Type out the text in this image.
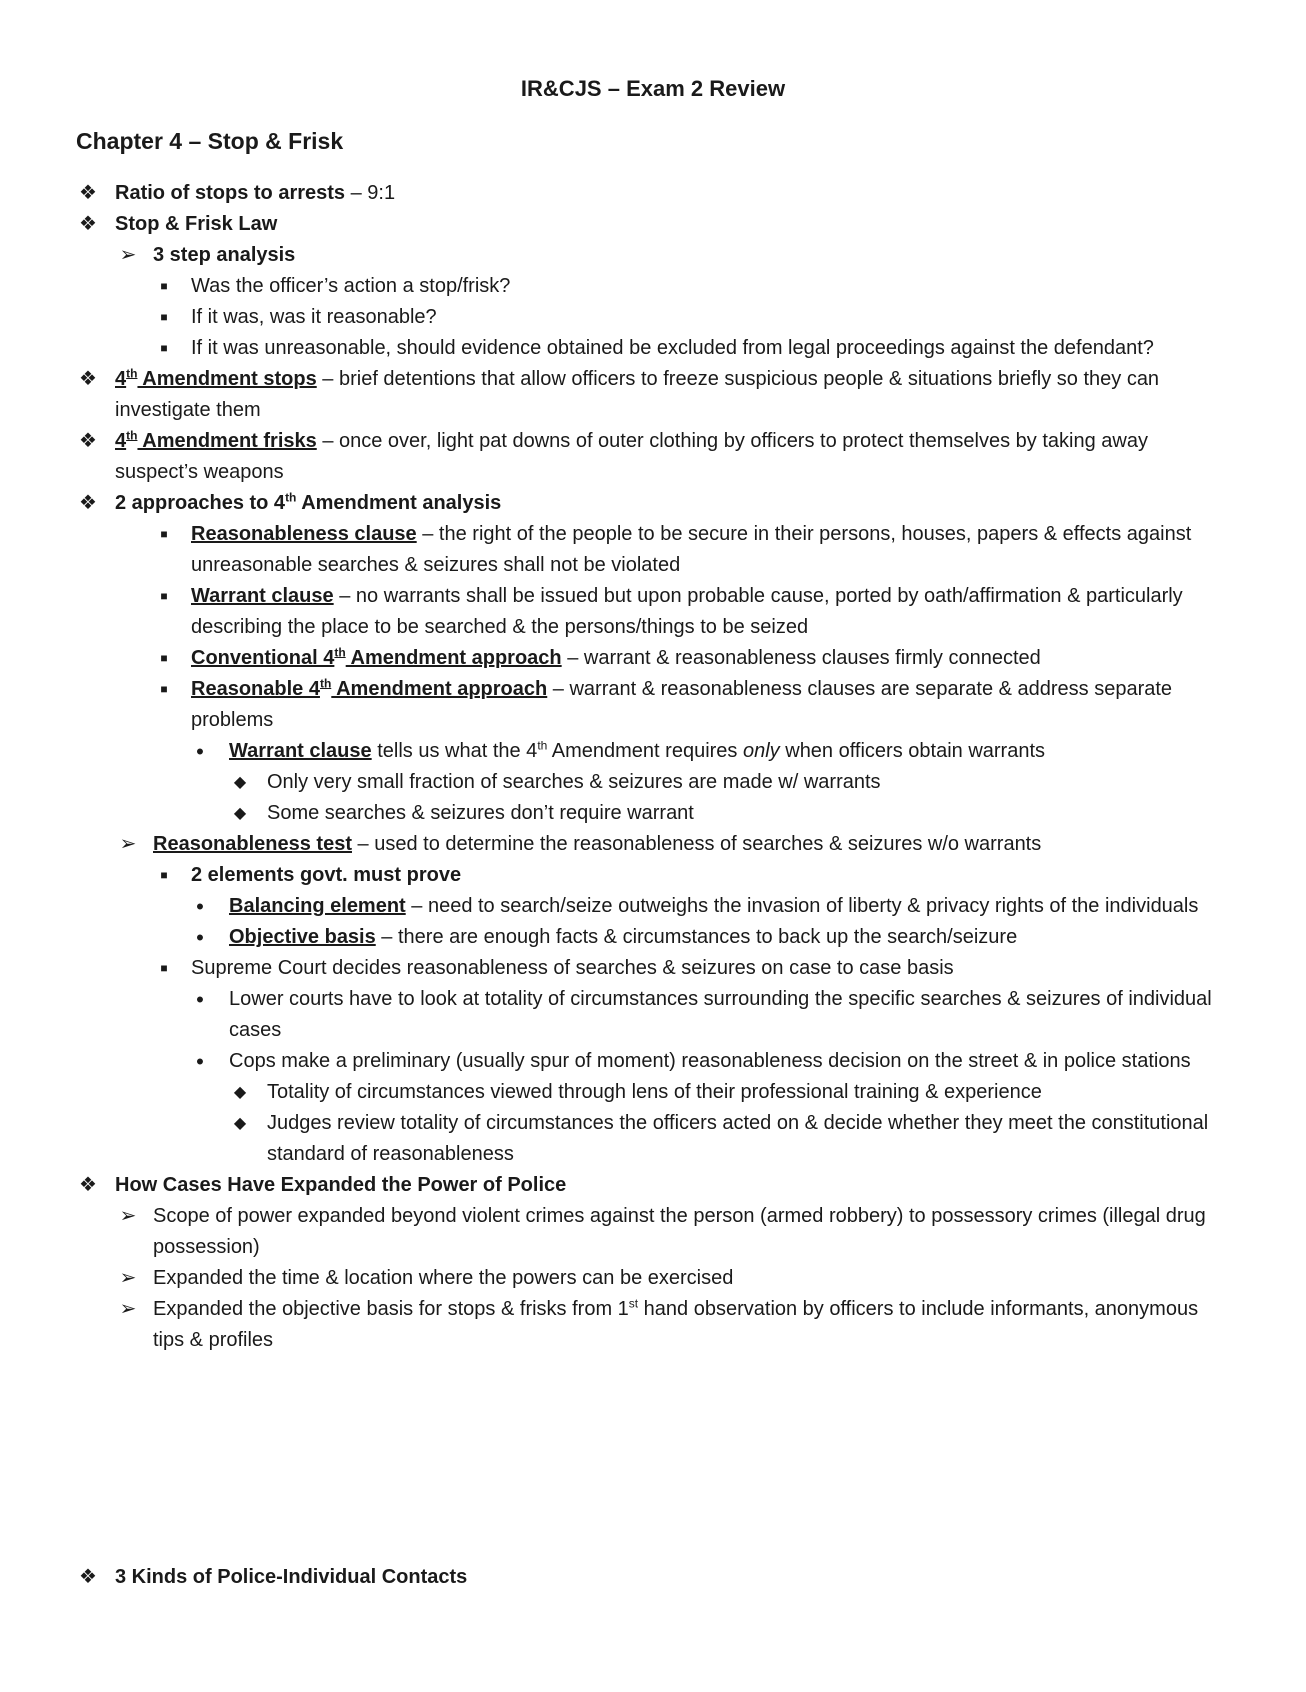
IR&CJS – Exam 2 Review
Chapter 4 – Stop & Frisk

❖ Ratio of stops to arrests – 9:1

❖ Stop & Frisk Law

➢ 3 step analysis

■	Was the officer’s action a stop/frisk?

■	If it was, was it reasonable?

■	If it was unreasonable, should evidence obtained be excluded from legal proceedings against the defendant?

❖ 4th Amendment stops – brief detentions that allow officers to freeze suspicious people & situations briefly so they can investigate them

❖ 4th Amendment frisks – once over, light pat downs of outer clothing by officers to protect themselves by taking away suspect’s weapons

❖ 2 approaches to 4th Amendment analysis

■	Reasonableness clause – the right of the people to be secure in their persons, houses, papers & effects against unreasonable searches & seizures shall not be violated

■	Warrant clause – no warrants shall be issued but upon probable cause, ported by oath/affirmation & particularly describing the place to be searched & the persons/things to be seized

■	Conventional 4th Amendment approach – warrant & reasonableness clauses firmly connected

■	Reasonable 4th Amendment approach – warrant & reasonableness clauses are separate & address separate problems

•	Warrant clause tells us what the 4th Amendment requires only when officers obtain warrants

◆ Only very small fraction of searches & seizures are made w/ warrants

◆ Some searches & seizures don’t require warrant

➢ Reasonableness test – used to determine the reasonableness of searches & seizures w/o warrants

■	2 elements govt. must prove

•	Balancing element – need to search/seize outweighs the invasion of liberty & privacy rights of the individuals

•	Objective basis – there are enough facts & circumstances to back up the search/seizure

■	Supreme Court decides reasonableness of searches & seizures on case to case basis

•	Lower courts have to look at totality of circumstances surrounding the specific searches & seizures of individual cases

•	Cops make a preliminary (usually spur of moment) reasonableness decision on the street & in police stations

◆ Totality of circumstances viewed through lens of their professional training & experience

◆ Judges review totality of circumstances the officers acted on & decide whether they meet the constitutional standard of reasonableness

❖ How Cases Have Expanded the Power of Police

➢ Scope of power expanded beyond violent crimes against the person (armed robbery) to possessory crimes (illegal drug possession)

➢ Expanded the time & location where the powers can be exercised

➢ Expanded the objective basis for stops & frisks from 1st hand observation by officers to include informants, anonymous tips & profiles

❖ 3 Kinds of Police-Individual Contacts
